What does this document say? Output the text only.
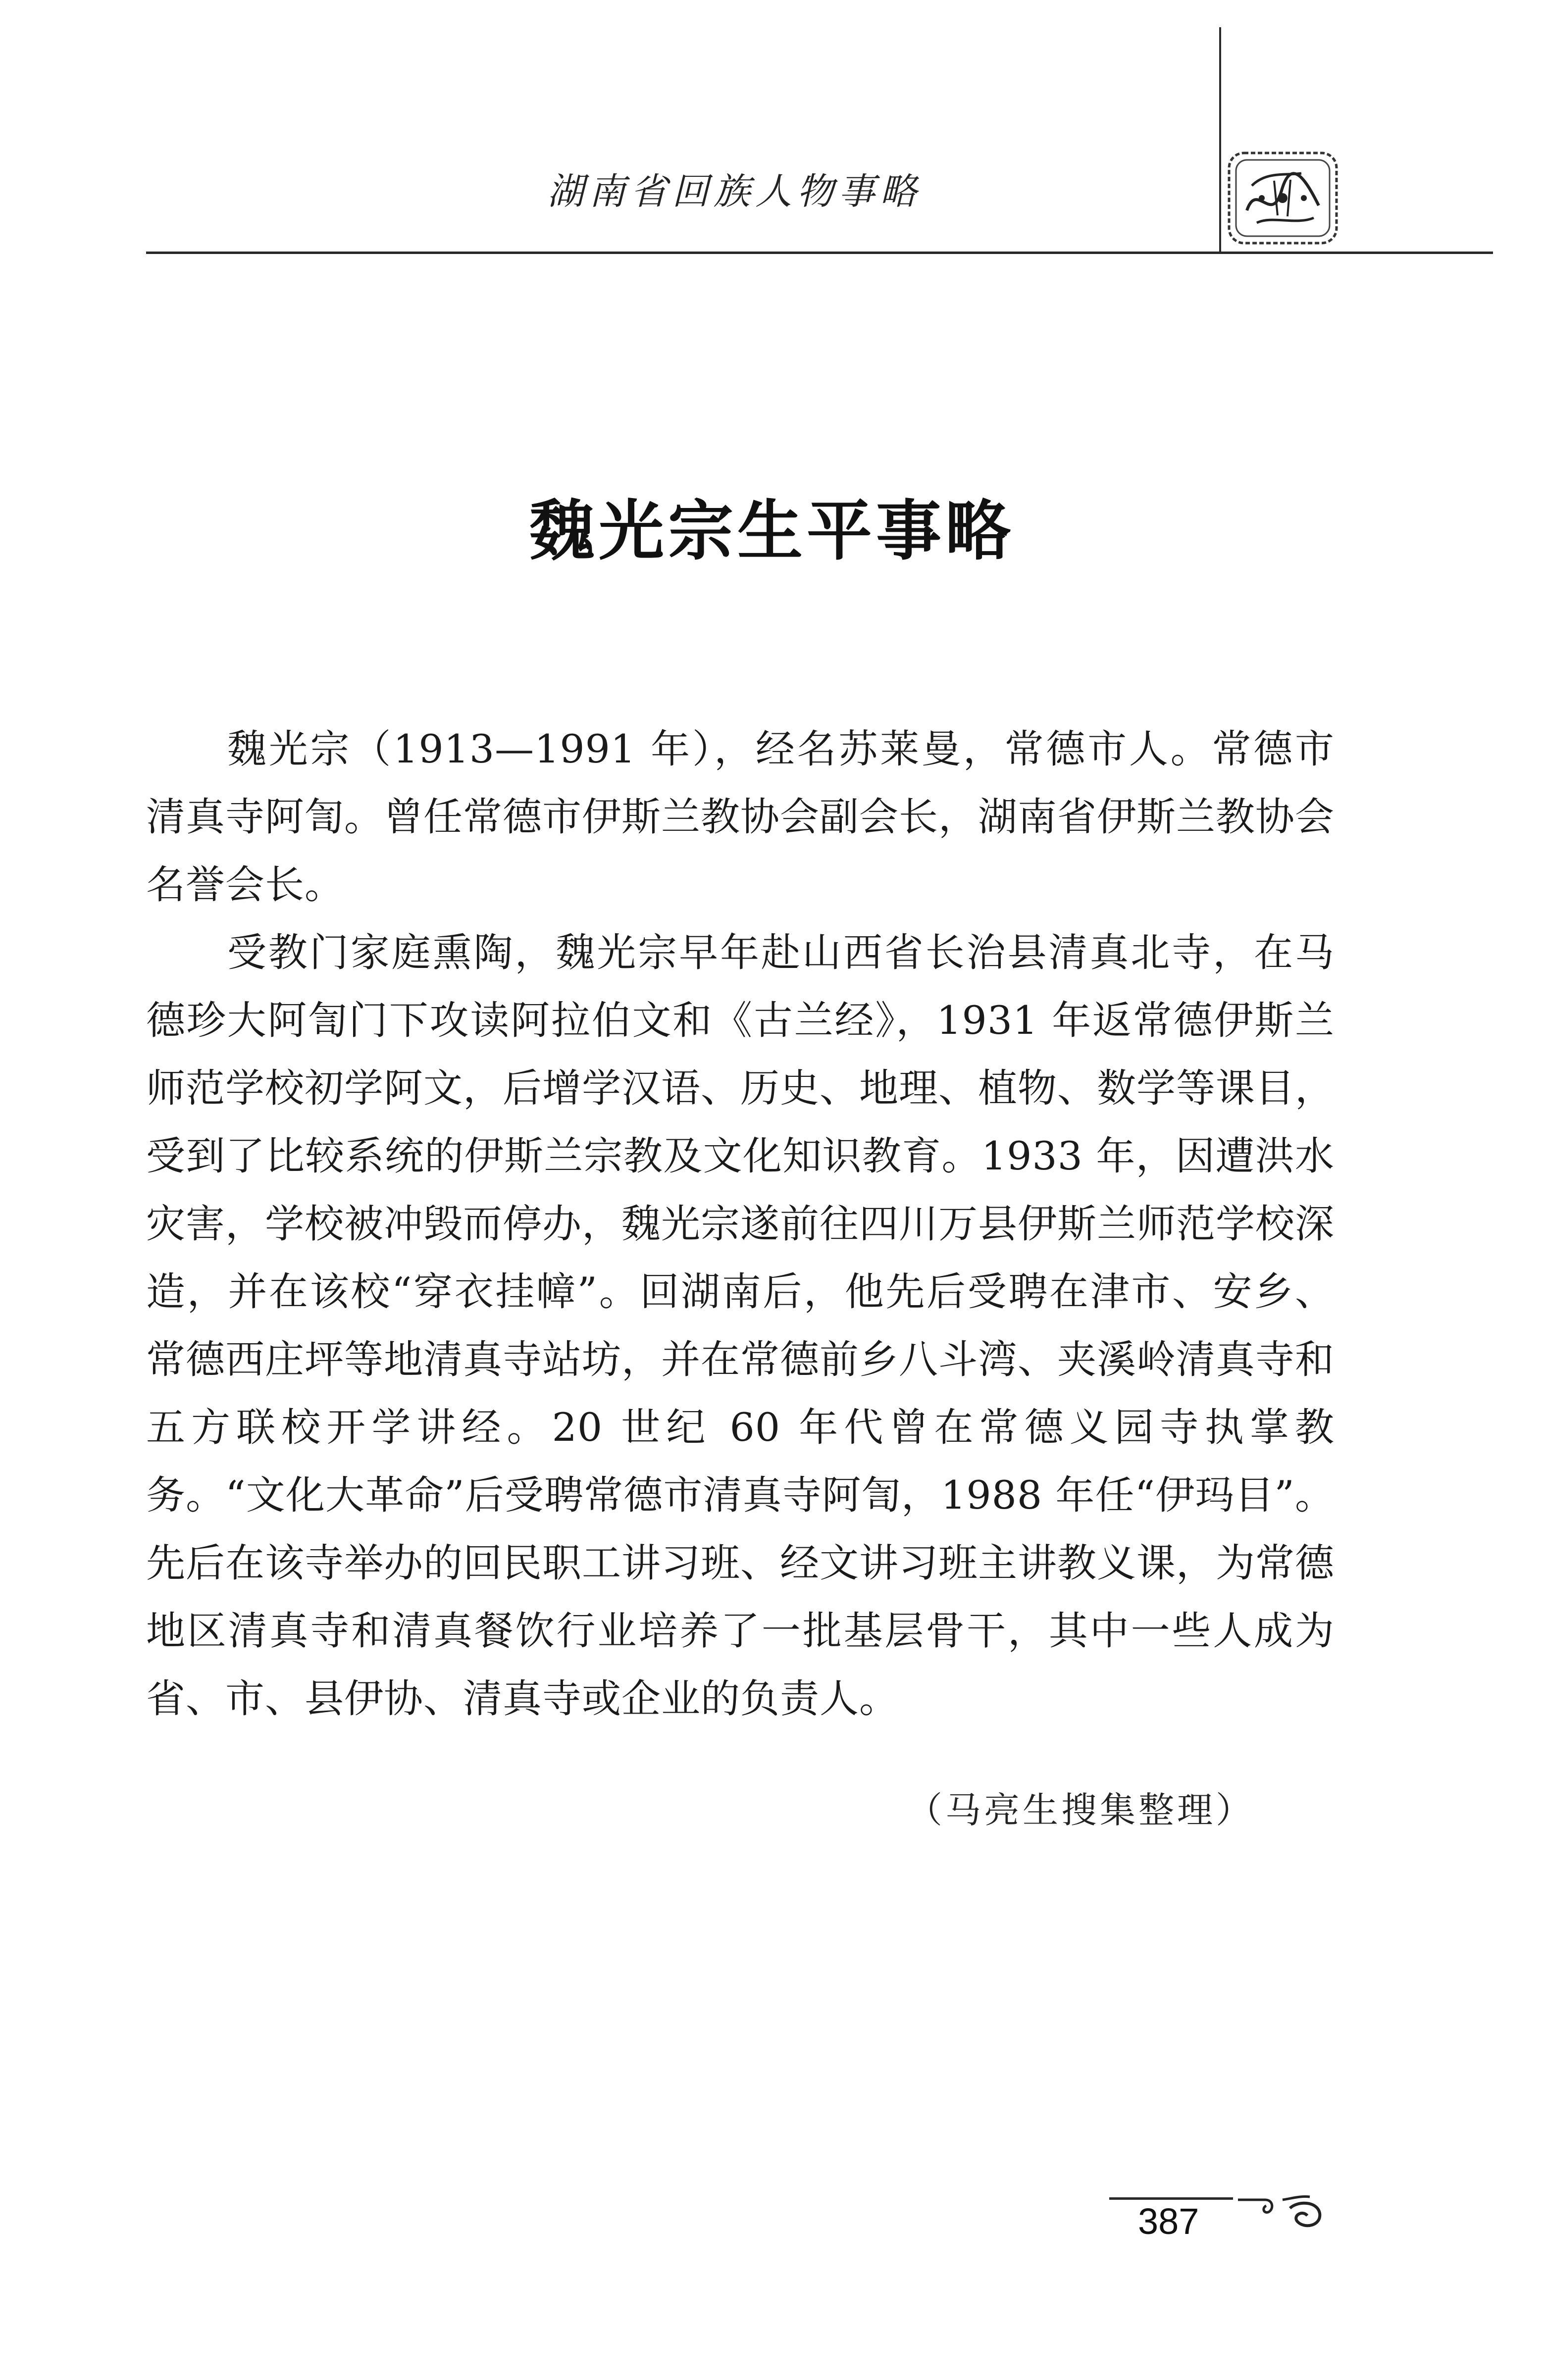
湖南省回族人物事略
魏光宗生平事略

魏光宗（1913—1991 年），经名苏莱曼，常德市人。常德市清真寺阿訇。曾任常德市伊斯兰教协会副会长，湖南省伊斯兰教协会名誉会长。

受教门家庭熏陶，魏光宗早年赴山西省长治县清真北寺，在马德珍大阿訇门下攻读阿拉伯文和《古兰经》，1931 年返常德伊斯兰师范学校初学阿文，后增学汉语、历史、地理、植物、数学等课目，受到了比较系统的伊斯兰宗教及文化知识教育。1933 年，因遭洪水灾害，学校被冲毁而停办，魏光宗遂前往四川万县伊斯兰师范学校深造，并在该校“穿衣挂幛”。回湖南后，他先后受聘在津市、安乡、常德西庄坪等地清真寺站坊，并在常德前乡八斗湾、夹溪岭清真寺和五方联校开学讲经。20 世纪 60 年代曾在常德义园寺执掌教务。“文化大革命”后受聘常德市清真寺阿訇，1988 年任“伊玛目”。先后在该寺举办的回民职工讲习班、经文讲习班主讲教义课，为常德地区清真寺和清真餐饮行业培养了一批基层骨干，其中一些人成为省、市、县伊协、清真寺或企业的负责人。

（马亮生搜集整理）
387
